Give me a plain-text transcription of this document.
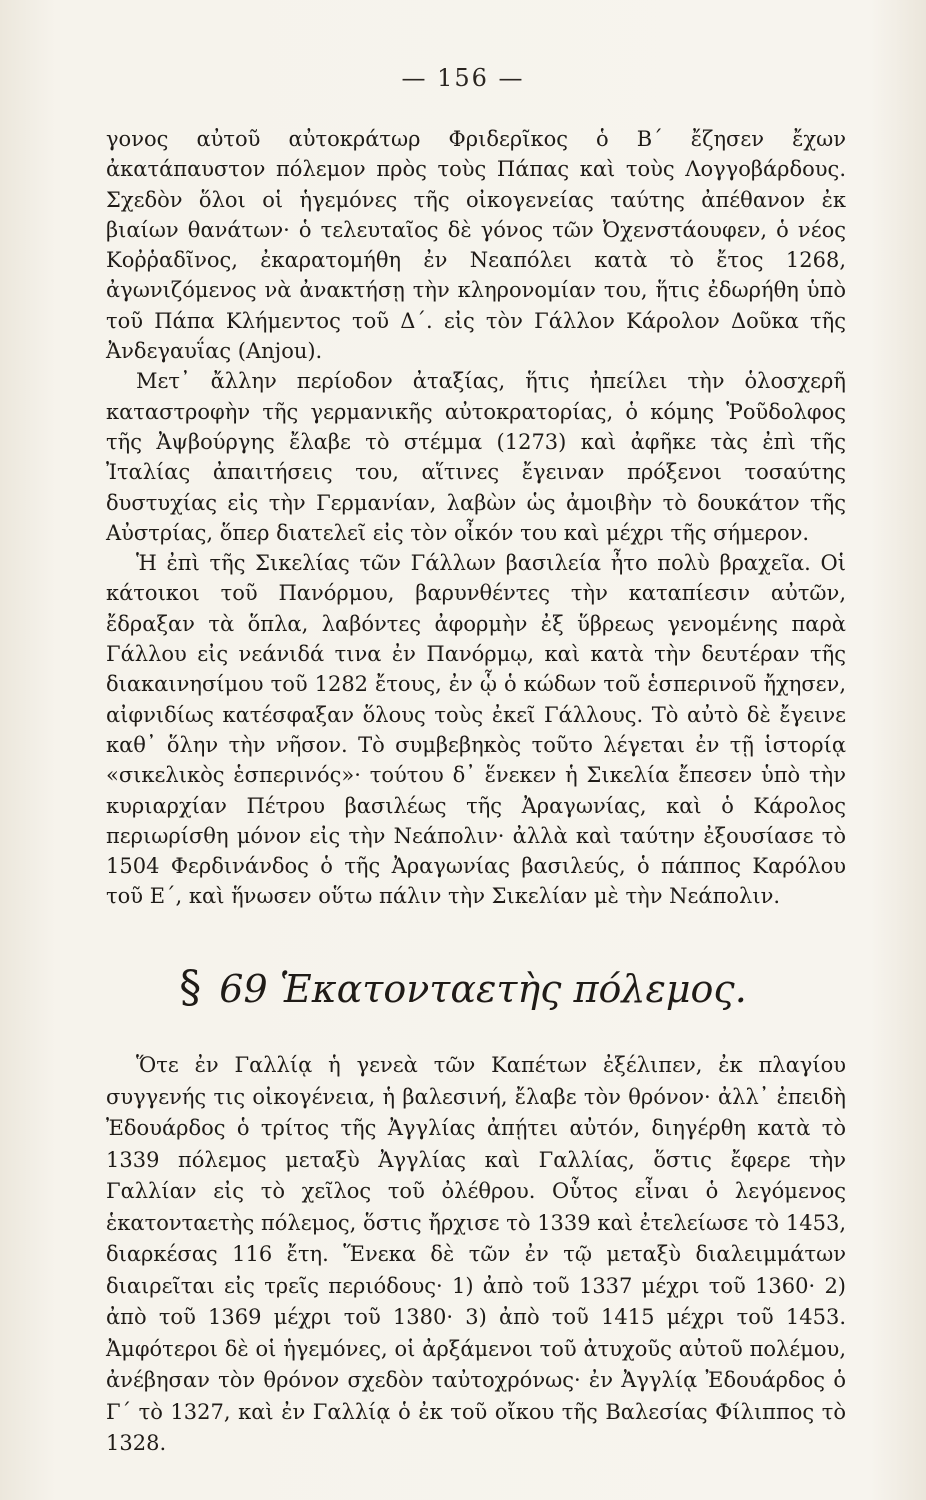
— 156 —

γονος αὐτοῦ αὐτοκράτωρ Φριδερῖκος ὁ Β΄ ἔζησεν ἔχων ἀκατάπαυστον πόλεμον πρὸς τοὺς Πάπας καὶ τοὺς Λογγοβάρδους. Σχεδὸν ὅλοι οἱ ἡγεμόνες τῆς οἰκογενείας ταύτης ἀπέθανον ἐκ βιαίων θανάτων· ὁ τελευταῖος δὲ γόνος τῶν Ὀχενστάουφεν, ὁ νέος Κοῤῥαδῖνος, ἐκαρατομήθη ἐν Νεαπόλει κατὰ τὸ ἔτος 1268, ἀγωνιζόμενος νὰ ἀνακτήσῃ τὴν κληρονομίαν του, ἥτις ἐδωρήθη ὑπὸ τοῦ Πάπα Κλήμεντος τοῦ Δ΄. εἰς τὸν Γάλλον Κάρολον Δοῦκα τῆς Ἀνδεγαυΐας (Anjou).

Μετ᾽ ἄλλην περίοδον ἀταξίας, ἥτις ἠπείλει τὴν ὁλοσχερῆ καταστροφὴν τῆς γερμανικῆς αὐτοκρατορίας, ὁ κόμης Ῥοῦδολφος τῆς Ἀψβούργης ἔλαβε τὸ στέμμα (1273) καὶ ἀφῆκε τὰς ἐπὶ τῆς Ἰταλίας ἀπαιτήσεις του, αἵτινες ἔγειναν πρόξενοι τοσαύτης δυστυχίας εἰς τὴν Γερμανίαν, λαβὼν ὡς ἀμοιβὴν τὸ δουκάτον τῆς Αὐστρίας, ὅπερ διατελεῖ εἰς τὸν οἶκόν του καὶ μέχρι τῆς σήμερον.

Ἡ ἐπὶ τῆς Σικελίας τῶν Γάλλων βασιλεία ἦτο πολὺ βραχεῖα. Οἱ κάτοικοι τοῦ Πανόρμου, βαρυνθέντες τὴν καταπίεσιν αὐτῶν, ἔδραξαν τὰ ὅπλα, λαβόντες ἀφορμὴν ἐξ ὕβρεως γενομένης παρὰ Γάλλου εἰς νεάνιδά τινα ἐν Πανόρμῳ, καὶ κατὰ τὴν δευτέραν τῆς διακαινησίμου τοῦ 1282 ἔτους, ἐν ᾧ ὁ κώδων τοῦ ἑσπερινοῦ ἤχησεν, αἰφνιδίως κατέσφαξαν ὅλους τοὺς ἐκεῖ Γάλλους. Τὸ αὐτὸ δὲ ἔγεινε καθ᾽ ὅλην τὴν νῆσον. Τὸ συμβεβηκὸς τοῦτο λέγεται ἐν τῇ ἱστορίᾳ «σικελικὸς ἑσπερινός»· τούτου δ᾽ ἕνεκεν ἡ Σικελία ἔπεσεν ὑπὸ τὴν κυριαρχίαν Πέτρου βασιλέως τῆς Ἀραγωνίας, καὶ ὁ Κάρολος περιωρίσθη μόνον εἰς τὴν Νεάπολιν· ἀλλὰ καὶ ταύτην ἐξουσίασε τὸ 1504 Φερδινάνδος ὁ τῆς Ἀραγωνίας βασιλεύς, ὁ πάππος Καρόλου τοῦ Ε΄, καὶ ἥνωσεν οὕτω πάλιν τὴν Σικελίαν μὲ τὴν Νεάπολιν.

§ 69 Ἑκατονταετὴς πόλεμος.

Ὅτε ἐν Γαλλίᾳ ἡ γενεὰ τῶν Καπέτων ἐξέλιπεν, ἐκ πλαγίου συγγενής τις οἰκογένεια, ἡ βαλεσινή, ἔλαβε τὸν θρόνον· ἀλλ᾽ ἐπειδὴ Ἐδουάρδος ὁ τρίτος τῆς Ἀγγλίας ἀπῄτει αὐτόν, διηγέρθη κατὰ τὸ 1339 πόλεμος μεταξὺ Ἀγγλίας καὶ Γαλλίας, ὅστις ἔφερε τὴν Γαλλίαν εἰς τὸ χεῖλος τοῦ ὀλέθρου. Οὗτος εἶναι ὁ λεγόμενος ἑκατονταετὴς πόλεμος, ὅστις ἤρχισε τὸ 1339 καὶ ἐτελείωσε τὸ 1453, διαρκέσας 116 ἔτη. Ἕνεκα δὲ τῶν ἐν τῷ μεταξὺ διαλειμμάτων διαιρεῖται εἰς τρεῖς περιόδους· 1) ἀπὸ τοῦ 1337 μέχρι τοῦ 1360· 2) ἀπὸ τοῦ 1369 μέχρι τοῦ 1380· 3) ἀπὸ τοῦ 1415 μέχρι τοῦ 1453. Ἀμφότεροι δὲ οἱ ἡγεμόνες, οἱ ἀρξάμενοι τοῦ ἀτυχοῦς αὐτοῦ πολέμου, ἀνέβησαν τὸν θρόνον σχεδὸν ταὐτοχρόνως· ἐν Ἀγγλίᾳ Ἐδουάρδος ὁ Γ΄ τὸ 1327, καὶ ἐν Γαλλίᾳ ὁ ἐκ τοῦ οἴκου τῆς Βαλεσίας Φίλιππος τὸ 1328.
